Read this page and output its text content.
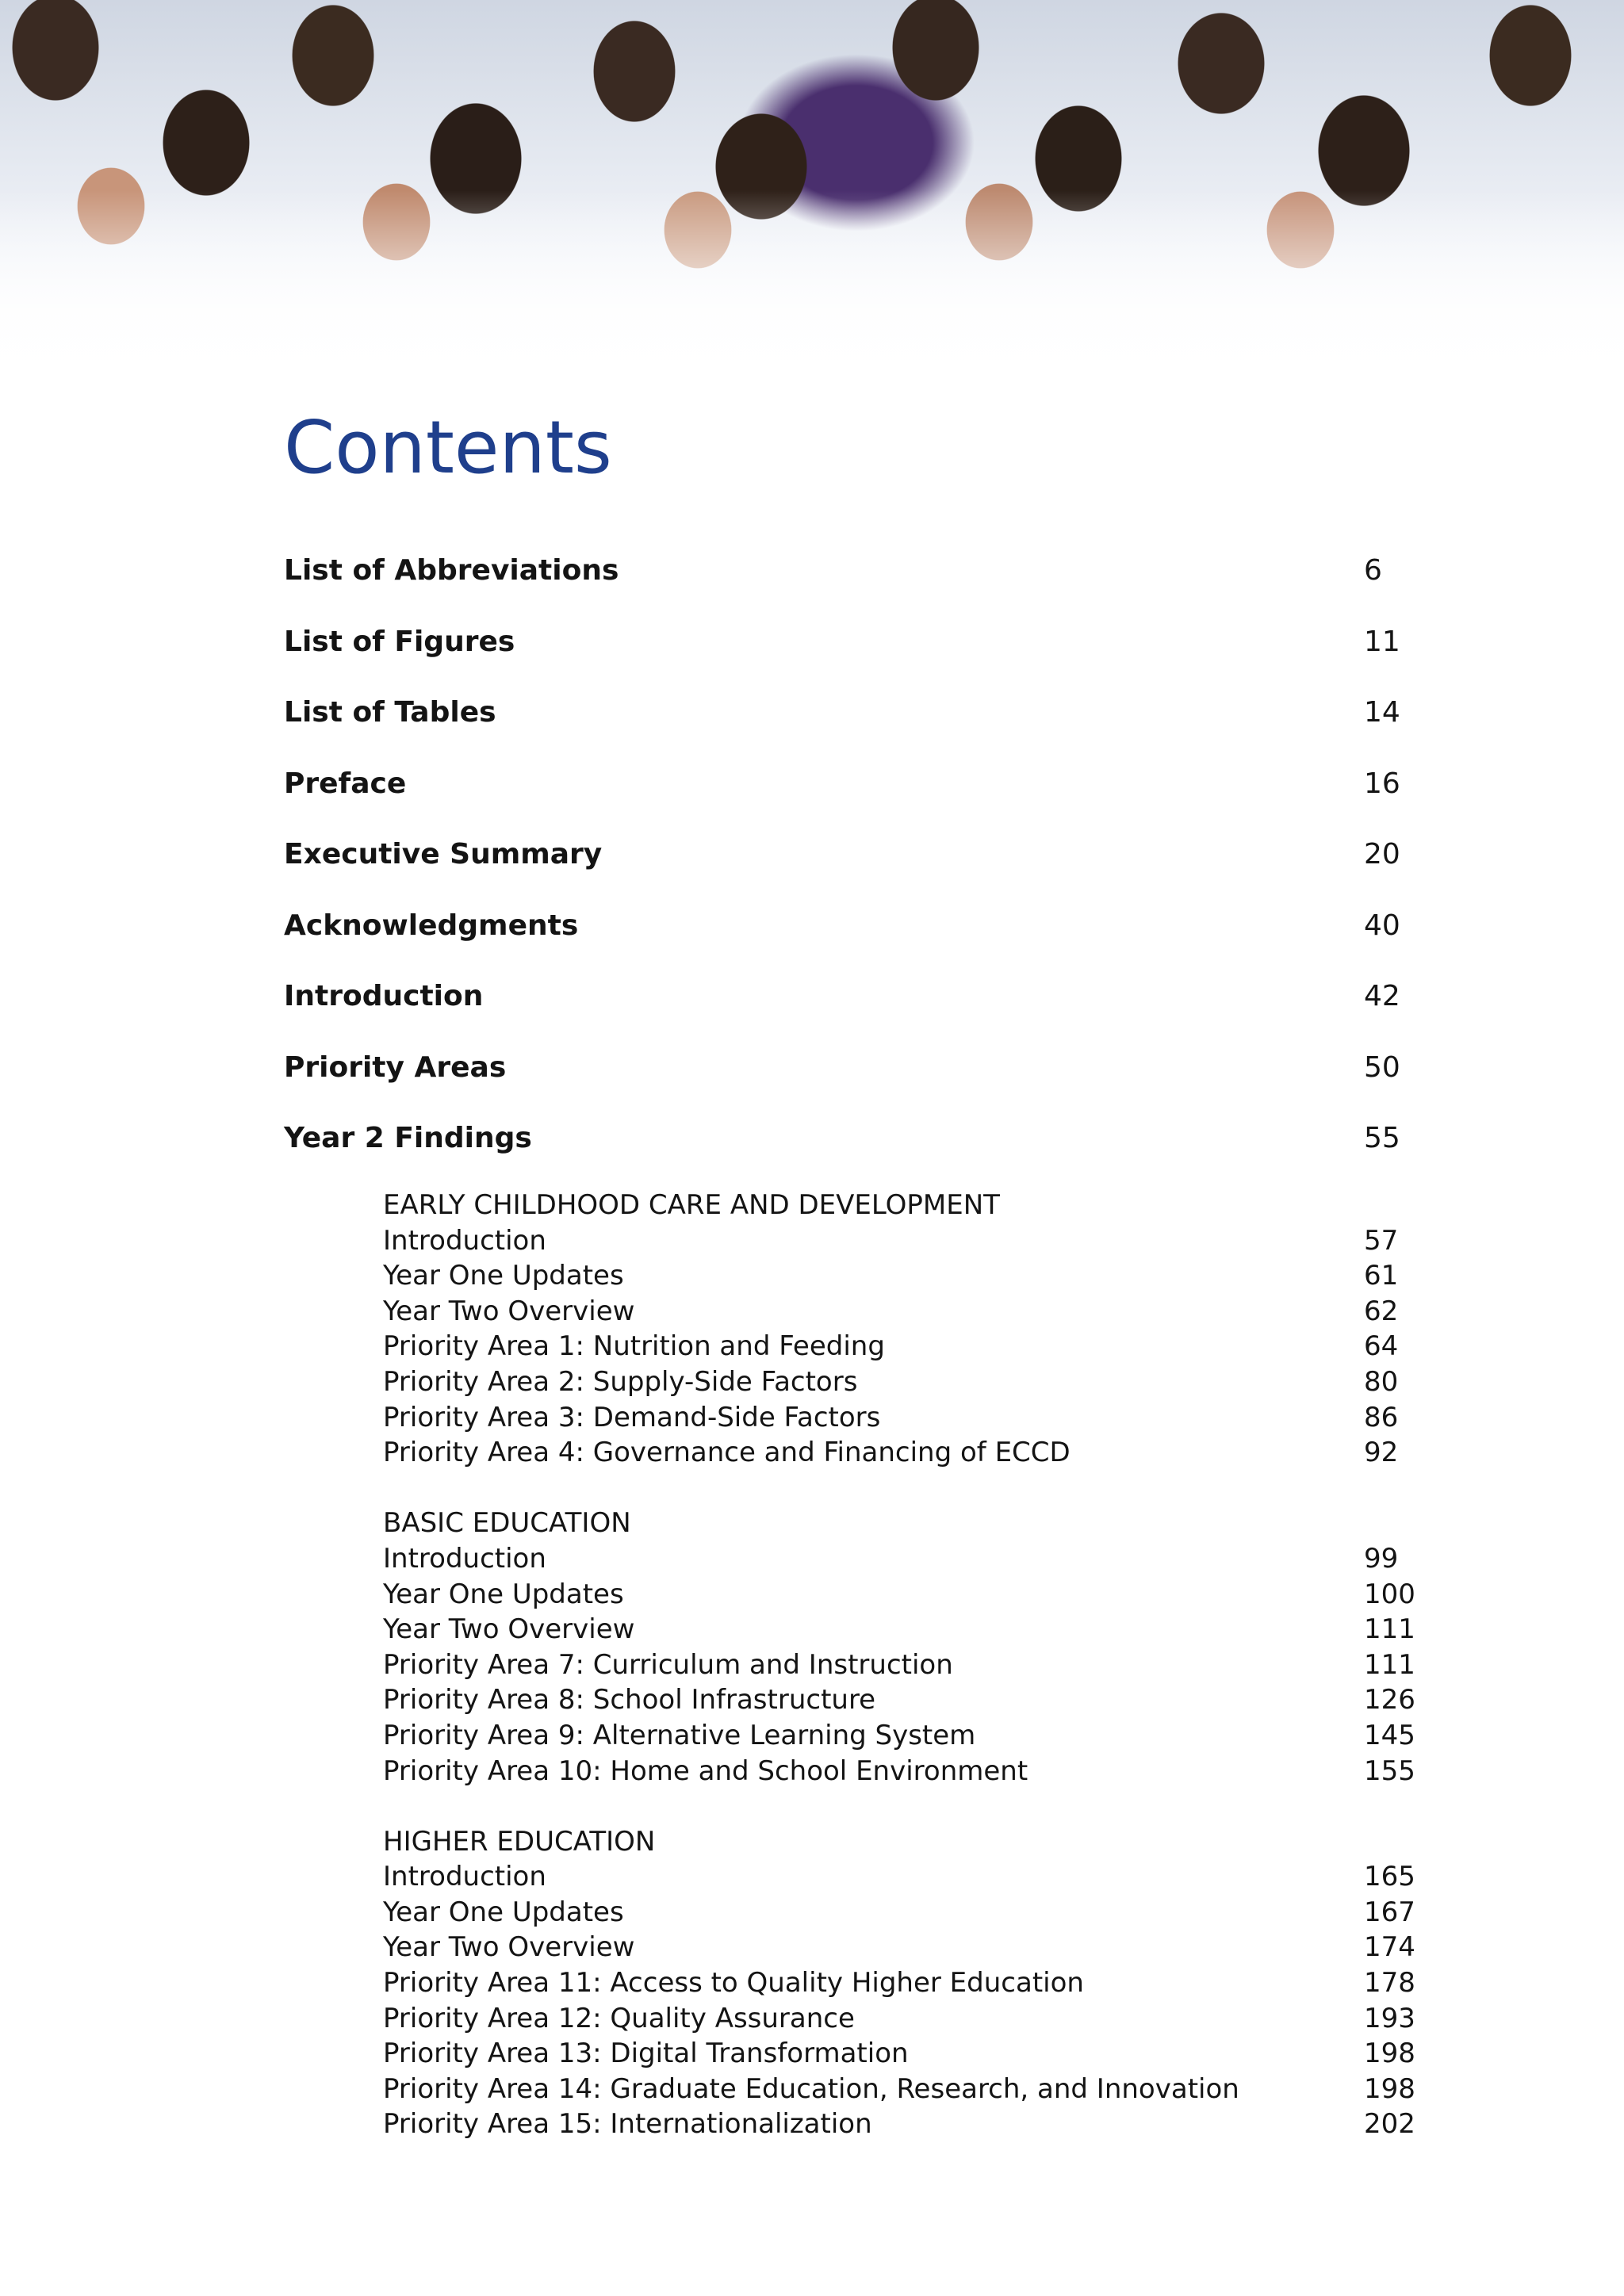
Contents
List of Abbreviations	6
List of Figures	11
List of Tables	14
Preface	16
Executive Summary	20
Acknowledgments	40
Introduction	42
Priority Areas	50
Year 2 Findings	55
EARLY CHILDHOOD CARE AND DEVELOPMENT
Introduction	57
Year One Updates	61
Year Two Overview	62
Priority Area 1: Nutrition and Feeding	64
Priority Area 2: Supply-Side Factors	80
Priority Area 3: Demand-Side Factors	86
Priority Area 4: Governance and Financing of ECCD	92
BASIC EDUCATION
Introduction	99
Year One Updates	100
Year Two Overview	111
Priority Area 7: Curriculum and Instruction	111
Priority Area 8: School Infrastructure	126
Priority Area 9: Alternative Learning System	145
Priority Area 10: Home and School Environment	155
HIGHER EDUCATION
Introduction	165
Year One Updates	167
Year Two Overview	174
Priority Area 11: Access to Quality Higher Education	178
Priority Area 12: Quality Assurance	193
Priority Area 13: Digital Transformation	198
Priority Area 14: Graduate Education, Research, and Innovation	198
Priority Area 15: Internationalization	202
